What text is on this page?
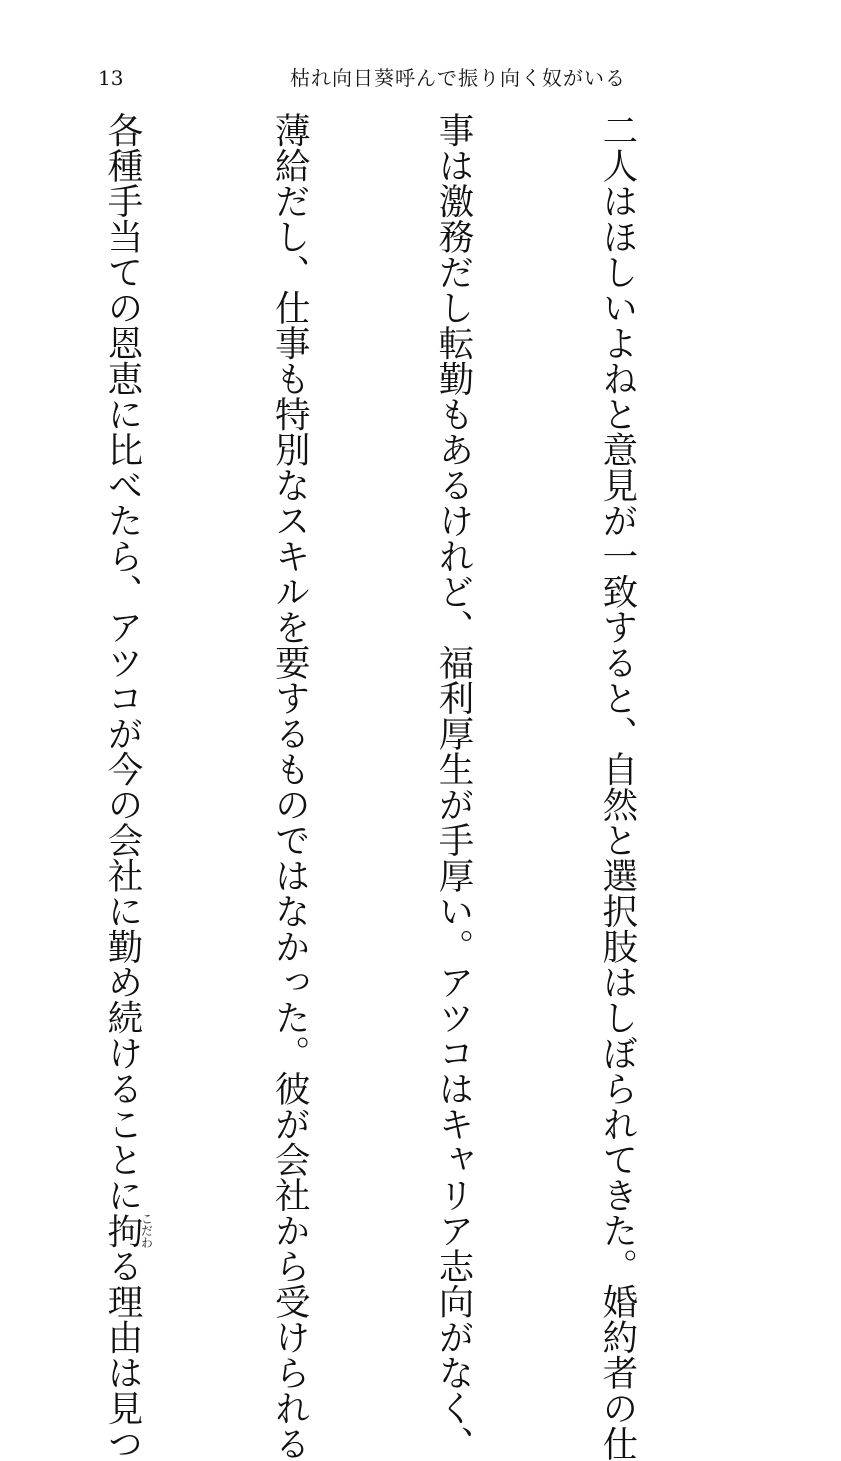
13	枯れ向日葵呼んで振り向く奴がいる

二人はほしいよねと意見が一致すると、自然と選択肢はしぼられてきた。婚約者の仕

事は激務だし転勤もあるけれど、福利厚生が手厚い。アツコはキャリア志向がなく、

薄給だし、仕事も特別なスキルを要するものではなかった。彼が会社から受けられる

各種手当ての恩恵に比べたら、アツコが今の会社に勤め続けることに拘こだわる理由は見つ
